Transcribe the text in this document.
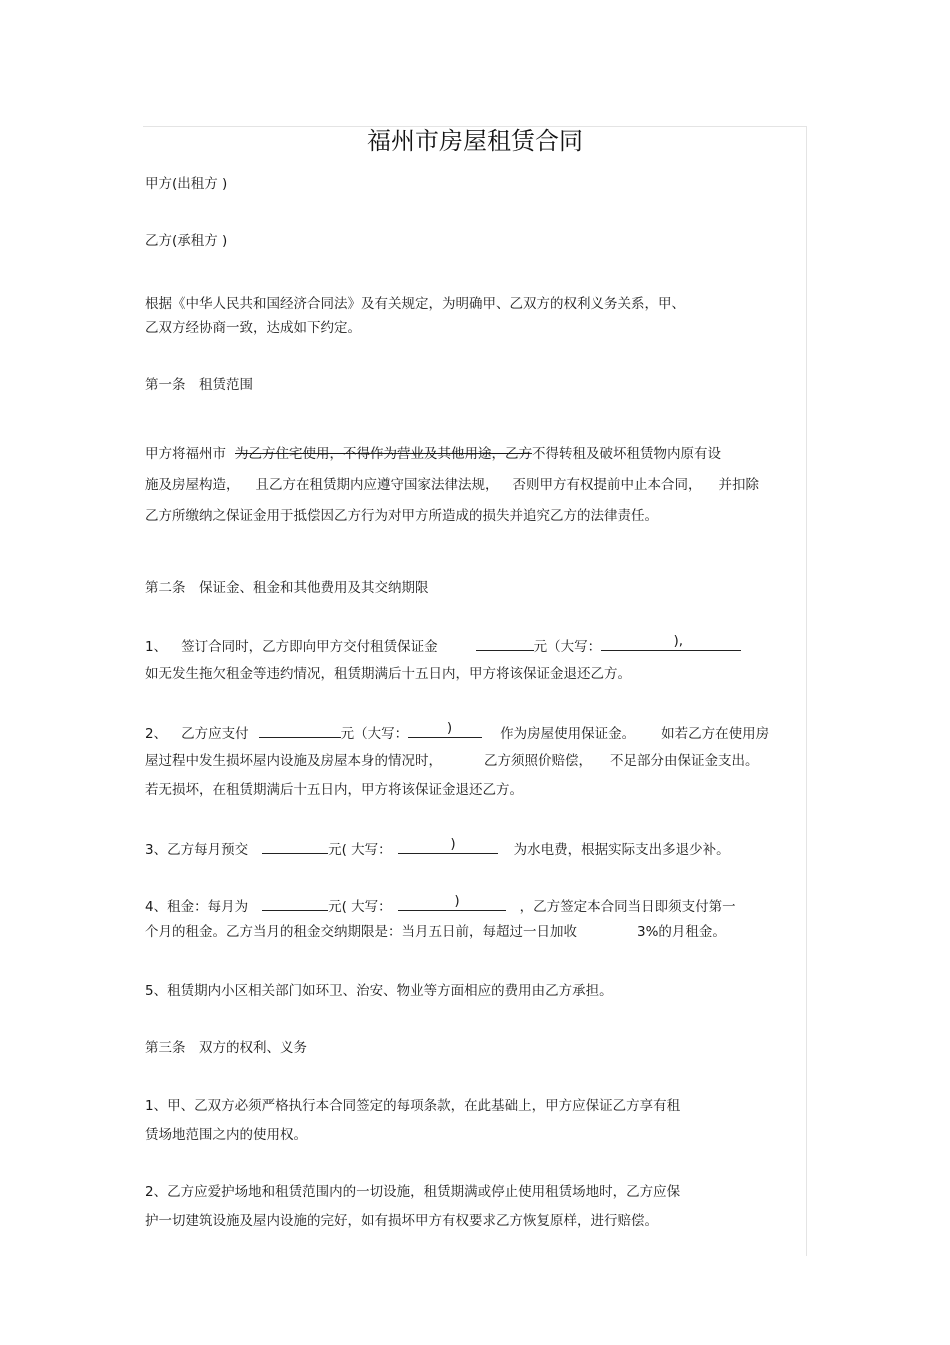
福州市房屋租赁合同
甲方(出租方 )
乙方(承租方 )
根据《中华人民共和国经济合同法》及有关规定，为明确甲、乙双方的权利义务关系，甲、
乙双方经协商一致，达成如下约定。
第一条　租赁范围
甲方将福州市 为乙方住宅使用，不得作为营业及其他用途，乙方不得转租及破坏租赁物内原有设
施及房屋构造， 且乙方在租赁期内应遵守国家法律法规， 否则甲方有权提前中止本合同， 并扣除
乙方所缴纳之保证金用于抵偿因乙方行为对甲方所造成的损失并追究乙方的法律责任。
第二条　保证金、租金和其他费用及其交纳期限
1、 签订合同时，乙方即向甲方交付租赁保证金	元（大写：	),
如无发生拖欠租金等违约情况，租赁期满后十五日内，甲方将该保证金退还乙方。
2、 乙方应支付	元（大写：	)	作为房屋使用保证金。 如若乙方在使用房
屋过程中发生损坏屋内设施及房屋本身的情况时，	乙方须照价赔偿， 不足部分由保证金支出。
若无损坏，在租赁期满后十五日内，甲方将该保证金退还乙方。
3、乙方每月预交	元( 大写：	)	为水电费，根据实际支出多退少补。
4、租金：每月为	元( 大写：	)	，乙方签定本合同当日即须支付第一
个月的租金。乙方当月的租金交纳期限是：当月五日前，每超过一日加收	3%的月租金。
5、租赁期内小区相关部门如环卫、治安、物业等方面相应的费用由乙方承担。
第三条　双方的权利、义务
1、甲、乙双方必须严格执行本合同签定的每项条款，在此基础上，甲方应保证乙方享有租
赁场地范围之内的使用权。
2、乙方应爱护场地和租赁范围内的一切设施，租赁期满或停止使用租赁场地时，乙方应保
护一切建筑设施及屋内设施的完好，如有损坏甲方有权要求乙方恢复原样，进行赔偿。
